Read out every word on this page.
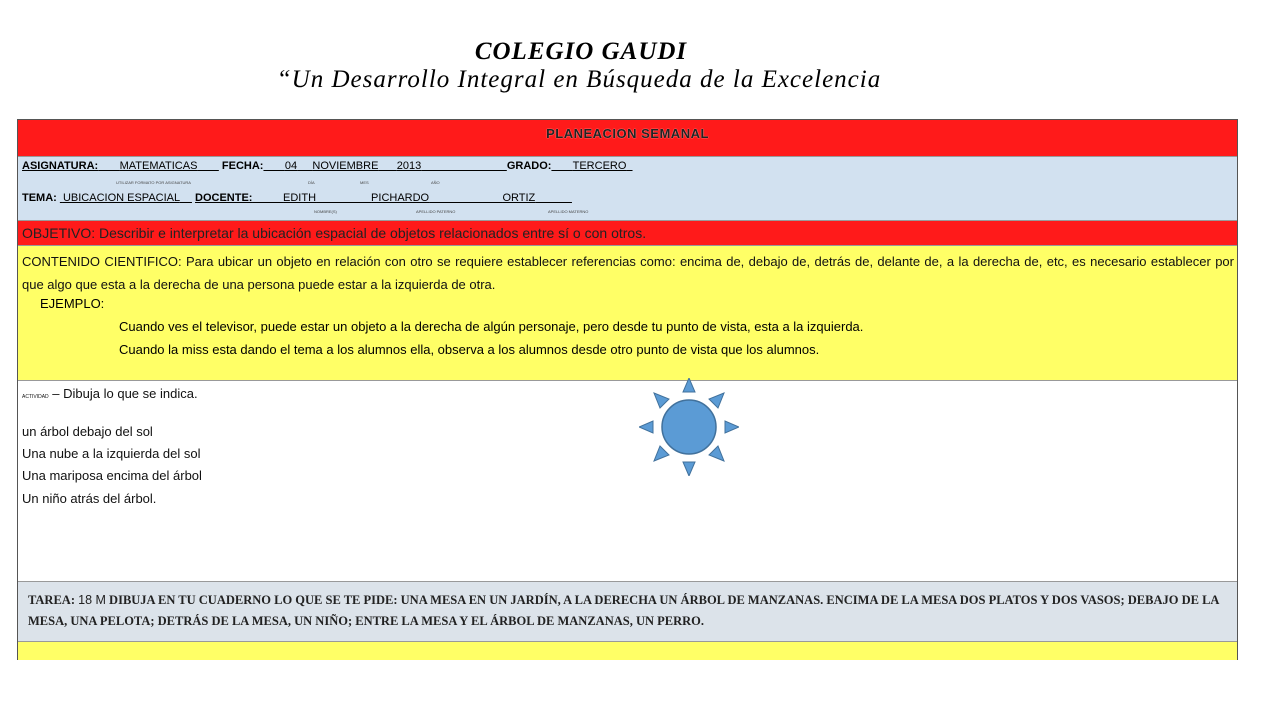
COLEGIO GAUDI
“Un Desarrollo Integral en Búsqueda de la Excelencia
PLANEACION SEMANAL
ASIGNATURA: MATEMATICAS FECHA: 04 NOVIEMBRE 2013	GRADO: TERCERO
UTILIZAR FORMATO POR ASIGNATURA	DÍA	MES	AÑO
TEMA: UBICACION ESPACIAL DOCENTE:	EDITH	PICHARDO	ORTIZ
NOMBRE(S)	APELLIDO PATERNO	APELLIDO MATERNO
OBJETIVO: Describir e interpretar la ubicación espacial de objetos relacionados entre sí o con otros.
CONTENIDO CIENTIFICO: Para ubicar un objeto en relación con otro se requiere establecer referencias como: encima de, debajo de, detrás de, delante de, a la derecha de, etc, es necesario establecer por que algo que esta a la derecha de una persona puede estar a la izquierda de otra.
EJEMPLO:
Cuando ves el televisor, puede estar un objeto a la derecha de algún personaje, pero desde tu punto de vista, esta a la izquierda.
Cuando la miss esta dando el tema a los alumnos ella, observa a los alumnos desde otro punto de vista que los alumnos.
ACTIVIDAD – Dibuja lo que se indica.
un árbol debajo del sol
Una nube a la izquierda del sol
Una mariposa encima del árbol
Un niño atrás del árbol.
TAREA: 18 M DIBUJA EN TU CUADERNO LO QUE SE TE PIDE: UNA MESA EN UN JARDÍN, A LA DERECHA UN ÁRBOL DE MANZANAS. ENCIMA DE LA MESA DOS PLATOS Y DOS VASOS; DEBAJO DE LA MESA, UNA PELOTA; DETRÁS DE LA MESA, UN NIÑO; ENTRE LA MESA Y EL ÁRBOL DE MANZANAS, UN PERRO.
